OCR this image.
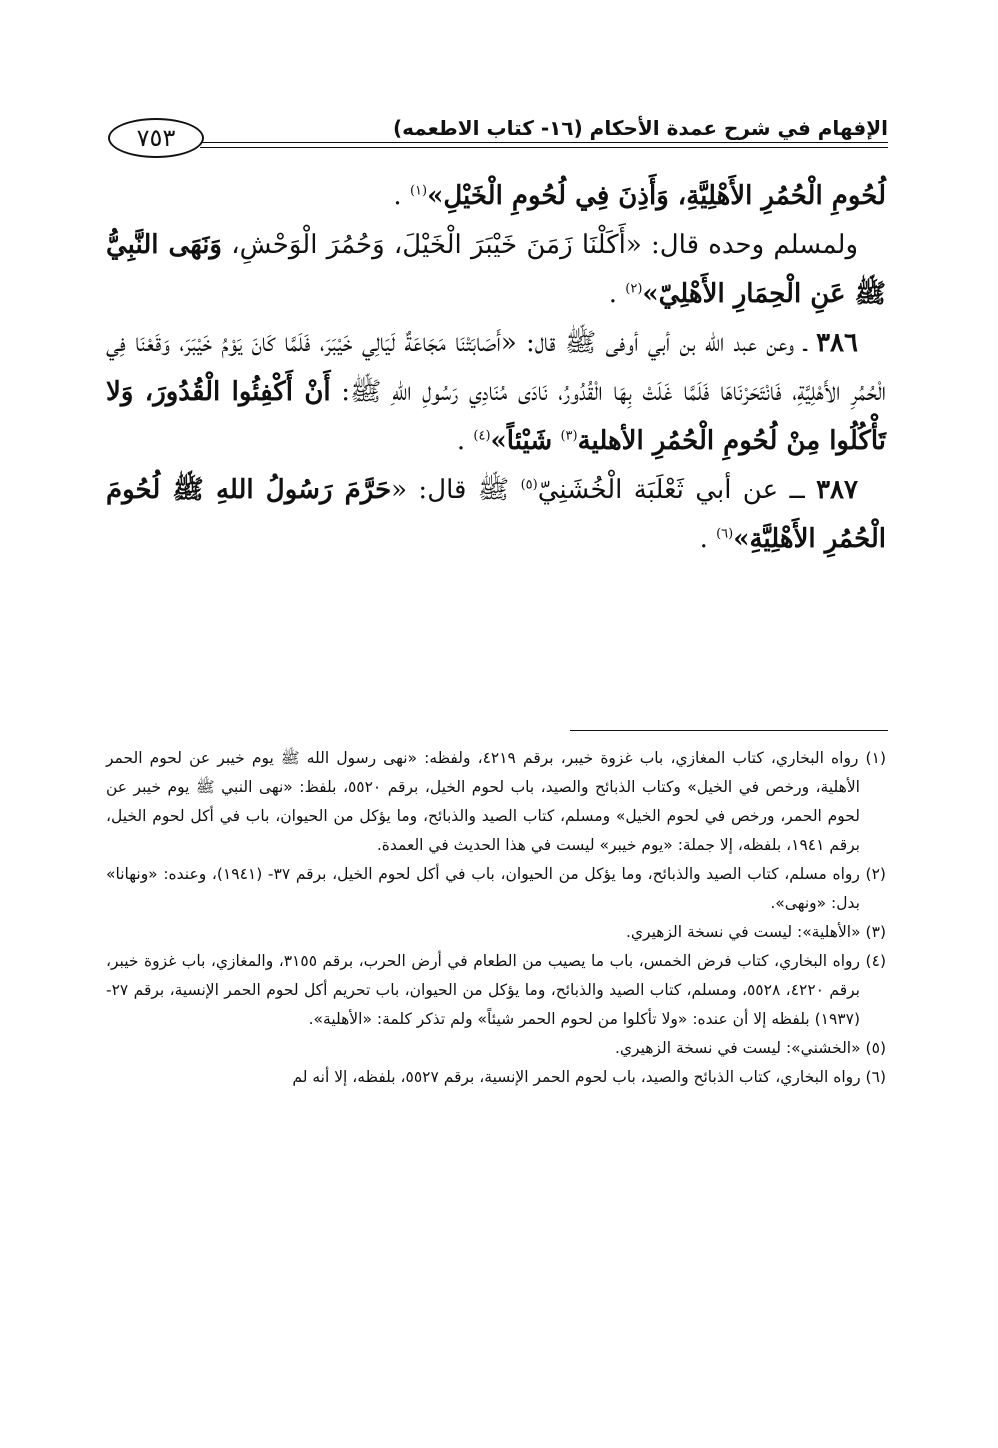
الإفهام في شرح عمدة الأحكام (١٦- كتاب الاطعمه)
٧٥٣

لُحُومِ الْحُمُرِ الأَهْلِيَّةِ، وَأَذِنَ فِي لُحُومِ الْخَيْلِ»$^{(١)}$ .

ولمسلم وحده قال: «أَكَلْنَا زَمَنَ خَيْبَرَ الْخَيْلَ، وَحُمُرَ الْوَحْشِ، وَنَهَى النَّبِيُّ ﷺ عَنِ الْحِمَارِ الأَهْلِيّ»$^{(٢)}$ .

٣٨٦ ـ وعن عبد الله بن أبي أوفى ﷺ قال: «أَصَابَتْنَا مَجَاعَةٌ لَيَالِي خَيْبَرَ، فَلَمَّا كَانَ يَوْمُ خَيْبَرَ، وَقَعْنَا فِي الْحُمُرِ الأَهْلِيَّةِ، فَانْتَحَرْنَاهَا فَلَمَّا غَلَتْ بِهَا الْقُدُورُ، نَادَى مُنَادِي رَسُولِ اللهِ ﷺ: أَنْ أَكْفِئُوا الْقُدُورَ، وَلا تَأْكُلُوا مِنْ لُحُومِ الْحُمُرِ الأهلية$^{(٣)}$ شَيْئاً»$^{(٤)}$ .

٣٨٧ ــ عن أبي ثَعْلَبَة الْخُشَنِيّ$^{(٥)}$ ﷺ قال: «حَرَّمَ رَسُولُ اللهِ ﷺ لُحُومَ الْحُمُرِ الأَهْلِيَّةِ»$^{(٦)}$ .

(١) رواه البخاري، كتاب المغازي، باب غزوة خيبر، برقم ٤٢١٩، ولفظه: «نهى رسول الله ﷺ يوم خيبر عن لحوم الحمر الأهلية، ورخص في الخيل» وكتاب الذبائح والصيد، باب لحوم الخيل، برقم ٥٥٢٠، بلفظ: «نهى النبي ﷺ يوم خيبر عن لحوم الحمر، ورخص في لحوم الخيل» ومسلم، كتاب الصيد والذبائح، وما يؤكل من الحيوان، باب في أكل لحوم الخيل، برقم ١٩٤١، بلفظه، إلا جملة: «يوم خيبر» ليست في هذا الحديث في العمدة.

(٢) رواه مسلم، كتاب الصيد والذبائح، وما يؤكل من الحيوان، باب في أكل لحوم الخيل، برقم ٣٧- (١٩٤١)، وعنده: «ونهانا» بدل: «ونهى».

(٣) «الأهلية»: ليست في نسخة الزهيري.

(٤) رواه البخاري، كتاب فرض الخمس، باب ما يصيب من الطعام في أرض الحرب، برقم ٣١٥٥، والمغازي، باب غزوة خيبر، برقم ٤٢٢٠، ٥٥٢٨، ومسلم، كتاب الصيد والذبائح، وما يؤكل من الحيوان، باب تحريم أكل لحوم الحمر الإنسية، برقم ٢٧- (١٩٣٧) بلفظه إلا أن عنده: «ولا تأكلوا من لحوم الحمر شيئاً» ولم تذكر كلمة: «الأهلية».

(٥) «الخشني»: ليست في نسخة الزهيري.

(٦) رواه البخاري، كتاب الذبائح والصيد، باب لحوم الحمر الإنسية، برقم ٥٥٢٧، بلفظه، إلا أنه لم
